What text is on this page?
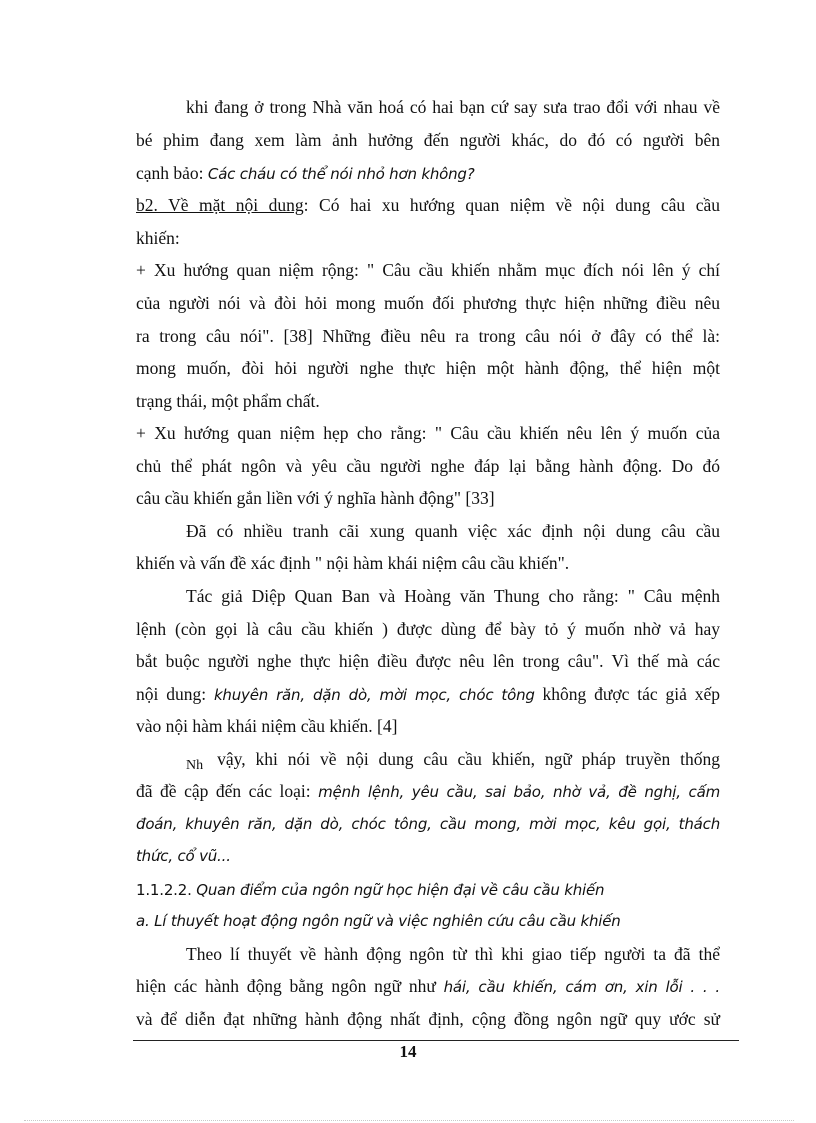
khi đang ở trong Nhà văn hoá có hai bạn cứ say sưa trao đổi với nhau về
bé phim đang xem làm ảnh hưởng đến người khác, do đó có người bên
cạnh bảo: Các cháu có thể nói nhỏ hơn không?
b2. Về mặt nội dung: Có hai xu hướng quan niệm về nội dung câu cầu
khiến:
+ Xu hướng quan niệm rộng: " Câu cầu khiến nhằm mục đích nói lên ý chí
của người nói và đòi hỏi mong muốn đối phương thực hiện những điều nêu
ra trong câu nói". [38] Những điều nêu ra trong câu nói ở đây có thể là:
mong muốn, đòi hỏi người nghe thực hiện một hành động, thể hiện một
trạng thái, một phẩm chất.
+ Xu hướng quan niệm hẹp cho rằng: " Câu cầu khiến nêu lên ý muốn của
chủ thể phát ngôn và yêu cầu người nghe đáp lại bằng hành động. Do đó
câu cầu khiến gắn liền với ý nghĩa hành động" [33]
Đã có nhiều tranh cãi xung quanh việc xác định nội dung câu cầu
khiến và vấn đề xác định " nội hàm khái niệm câu cầu khiến".
Tác giả Diệp Quan Ban và Hoàng văn Thung cho rằng: " Câu mệnh
lệnh (còn gọi là câu cầu khiến ) được dùng để bày tỏ ý muốn nhờ vả hay
bắt buộc người nghe thực hiện điều được nêu lên trong câu". Vì thế mà các
nội dung: khuyên răn, dặn dò, mời mọc, chóc tông không được tác giả xếp
vào nội hàm khái niệm cầu khiến. [4]
$_{Nh}$ vậy, khi nói về nội dung câu cầu khiến, ngữ pháp truyền thống
đã đề cập đến các loại: mệnh lệnh, yêu cầu, sai bảo, nhờ vả, đề nghị, cấm
đoán, khuyên răn, dặn dò, chóc tông, cầu mong, mời mọc, kêu gọi, thách
thức, cổ vũ...
1.1.2.2. Quan điểm của ngôn ngữ học hiện đại về câu cầu khiến
a. Lí thuyết hoạt động ngôn ngữ và việc nghiên cứu câu cầu khiến
Theo lí thuyết về hành động ngôn từ thì khi giao tiếp người ta đã thể
hiện các hành động bằng ngôn ngữ như hái, cầu khiến, cám ơn, xin lỗi . . .
và để diễn đạt những hành động nhất định, cộng đồng ngôn ngữ quy ước sử
14
